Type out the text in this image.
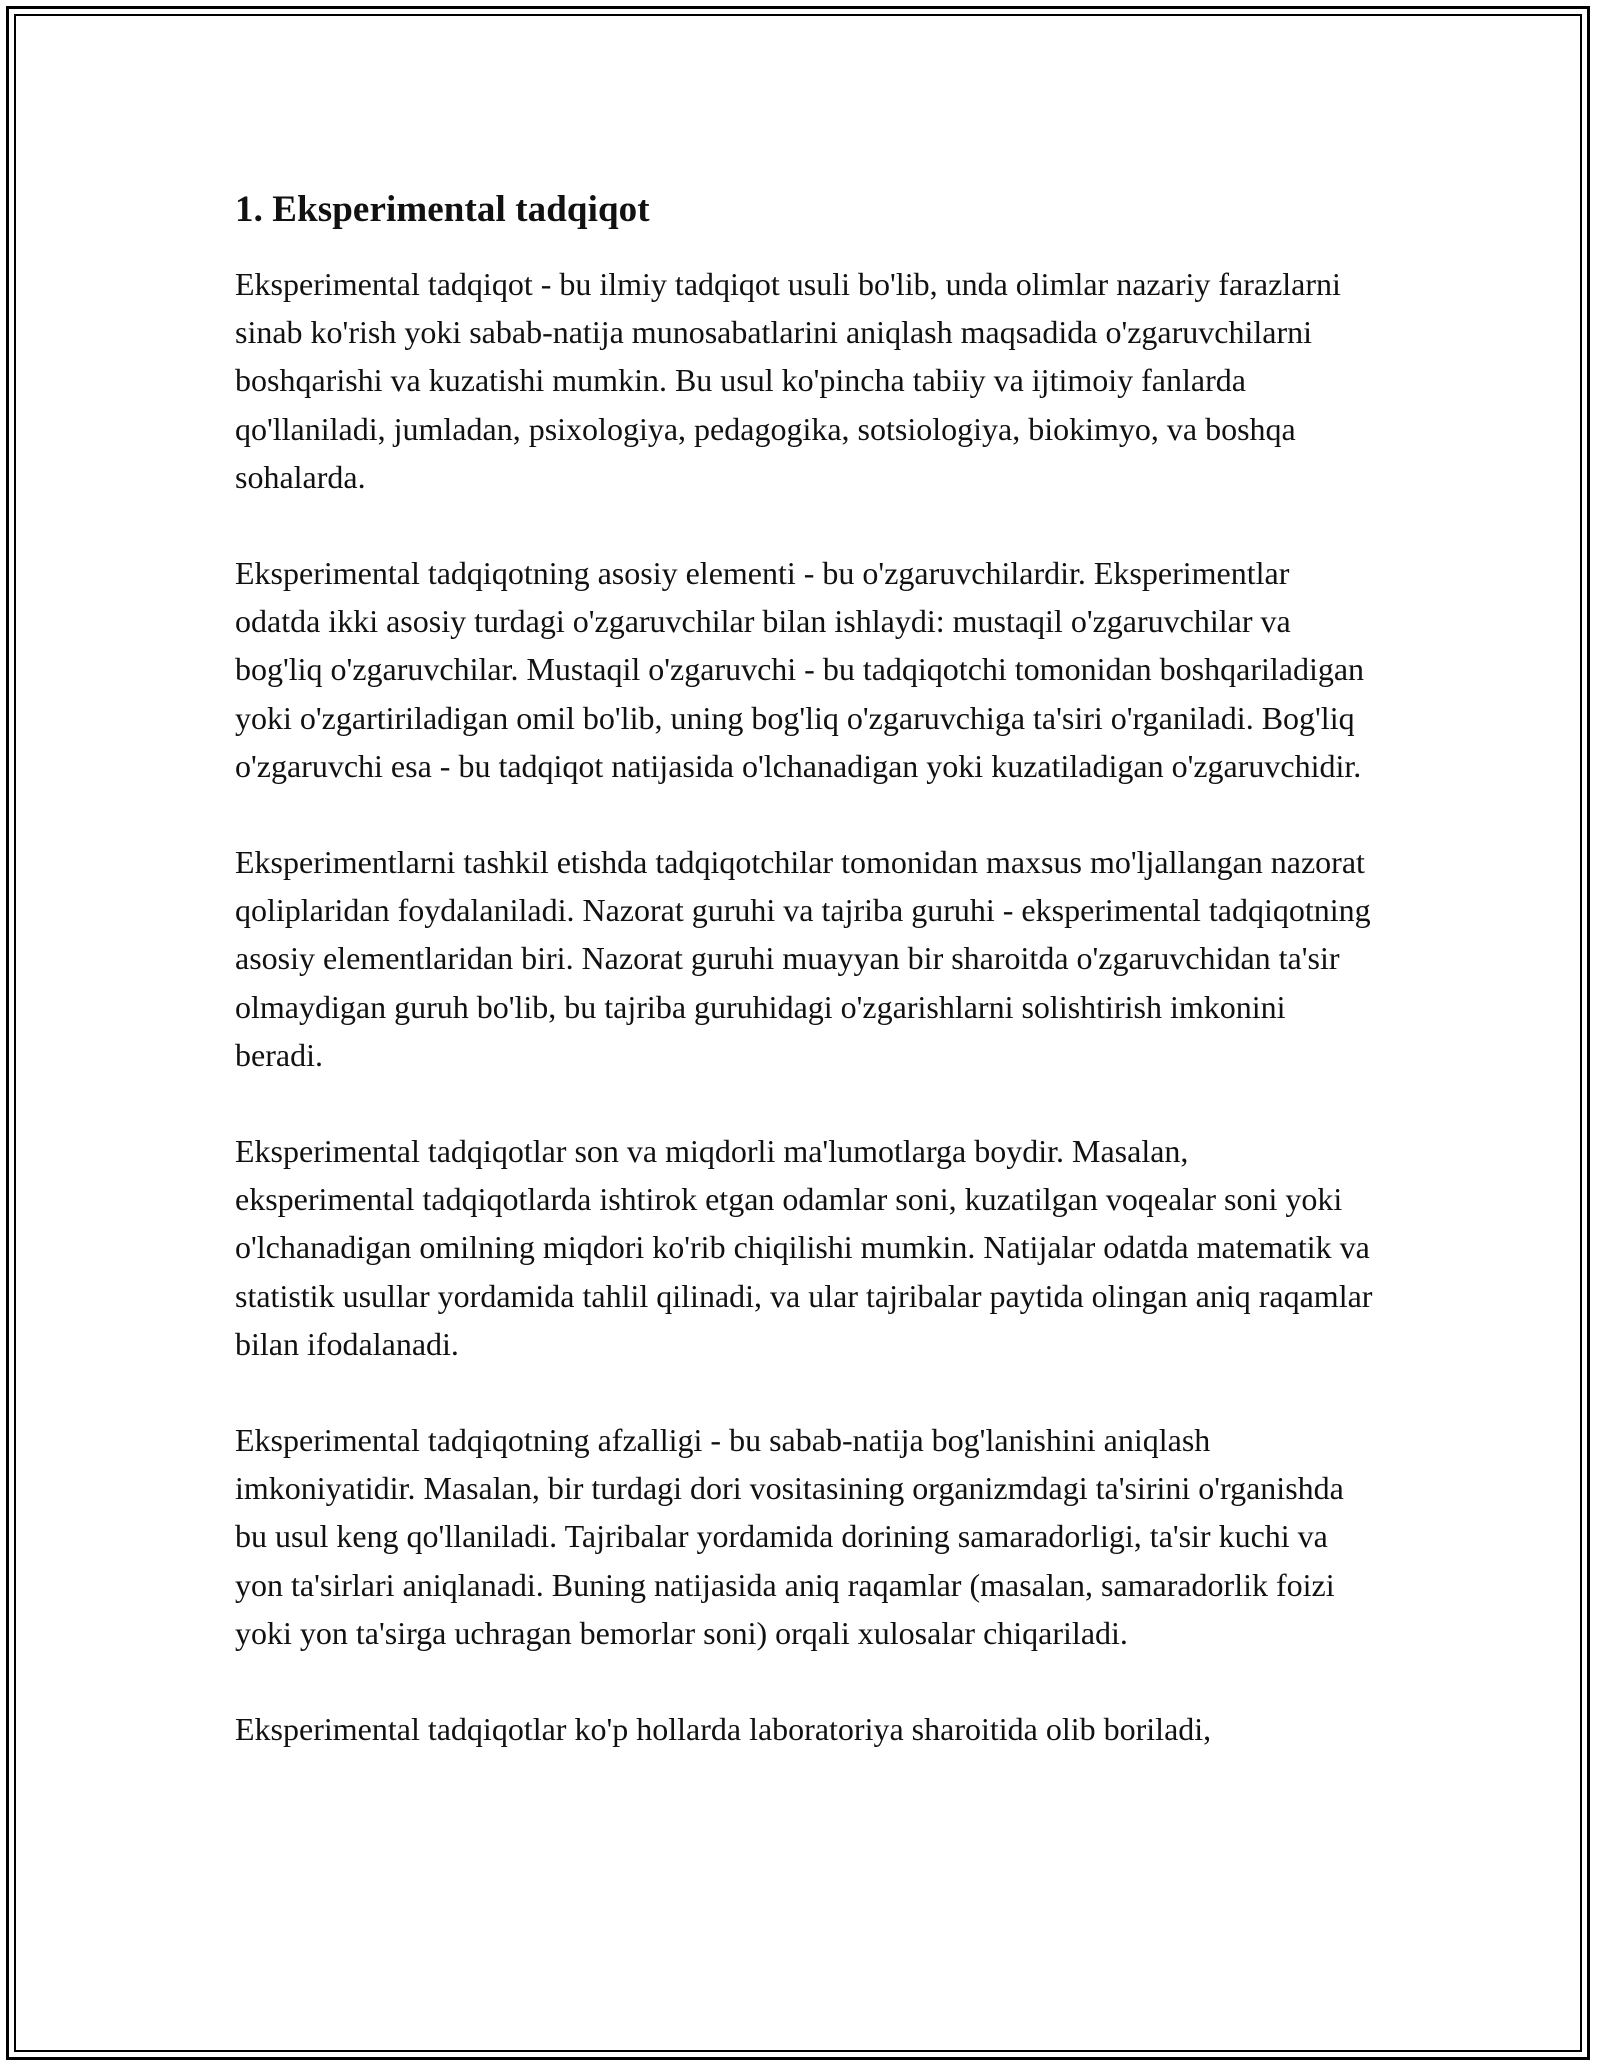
1. Eksperimental tadqiqot

Eksperimental tadqiqot - bu ilmiy tadqiqot usuli bo'lib, unda olimlar nazariy farazlarni sinab ko'rish yoki sabab-natija munosabatlarini aniqlash maqsadida o'zgaruvchilarni boshqarishi va kuzatishi mumkin. Bu usul ko'pincha tabiiy va ijtimoiy fanlarda qo'llaniladi, jumladan, psixologiya, pedagogika, sotsiologiya, biokimyo, va boshqa sohalarda.

Eksperimental tadqiqotning asosiy elementi - bu o'zgaruvchilardir. Eksperimentlar odatda ikki asosiy turdagi o'zgaruvchilar bilan ishlaydi: mustaqil o'zgaruvchilar va bog'liq o'zgaruvchilar. Mustaqil o'zgaruvchi - bu tadqiqotchi tomonidan boshqariladigan yoki o'zgartiriladigan omil bo'lib, uning bog'liq o'zgaruvchiga ta'siri o'rganiladi. Bog'liq o'zgaruvchi esa - bu tadqiqot natijasida o'lchanadigan yoki kuzatiladigan o'zgaruvchidir.

Eksperimentlarni tashkil etishda tadqiqotchilar tomonidan maxsus mo'ljallangan nazorat qoliplaridan foydalaniladi. Nazorat guruhi va tajriba guruhi - eksperimental tadqiqotning asosiy elementlaridan biri. Nazorat guruhi muayyan bir sharoitda o'zgaruvchidan ta'sir olmaydigan guruh bo'lib, bu tajriba guruhidagi o'zgarishlarni solishtirish imkonini beradi.

Eksperimental tadqiqotlar son va miqdorli ma'lumotlarga boydir. Masalan, eksperimental tadqiqotlarda ishtirok etgan odamlar soni, kuzatilgan voqealar soni yoki o'lchanadigan omilning miqdori ko'rib chiqilishi mumkin. Natijalar odatda matematik va statistik usullar yordamida tahlil qilinadi, va ular tajribalar paytida olingan aniq raqamlar bilan ifodalanadi.

Eksperimental tadqiqotning afzalligi - bu sabab-natija bog'lanishini aniqlash imkoniyatidir. Masalan, bir turdagi dori vositasining organizmdagi ta'sirini o'rganishda bu usul keng qo'llaniladi. Tajribalar yordamida dorining samaradorligi, ta'sir kuchi va yon ta'sirlari aniqlanadi. Buning natijasida aniq raqamlar (masalan, samaradorlik foizi yoki yon ta'sirga uchragan bemorlar soni) orqali xulosalar chiqariladi.

Eksperimental tadqiqotlar ko'p hollarda laboratoriya sharoitida olib boriladi,
